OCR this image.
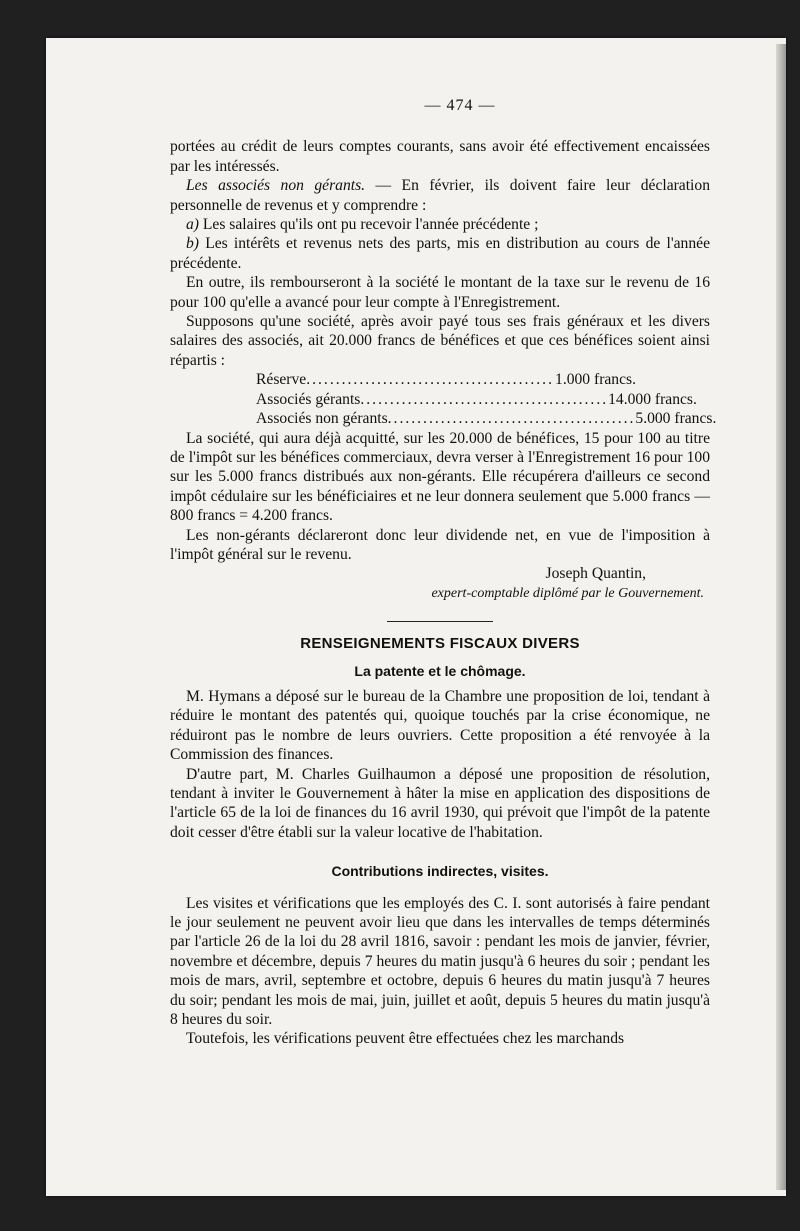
— 474 —

portées au crédit de leurs comptes courants, sans avoir été effectivement encaissées par les intéressés.

Les associés non gérants. — En février, ils doivent faire leur déclaration personnelle de revenus et y comprendre :

a) Les salaires qu'ils ont pu recevoir l'année précédente ;

b) Les intérêts et revenus nets des parts, mis en distribution au cours de l'année précédente.

En outre, ils rembourseront à la société le montant de la taxe sur le revenu de 16 pour 100 qu'elle a avancé pour leur compte à l'Enregistrement.

Supposons qu'une société, après avoir payé tous ses frais généraux et les divers salaires des associés, ait 20.000 francs de bénéfices et que ces bénéfices soient ainsi répartis :

Réserve .......................................... 1.000 francs.
Associés gérants .......................................... 14.000 francs.
Associés non gérants .......................................... 5.000 francs.

La société, qui aura déjà acquitté, sur les 20.000 de bénéfices, 15 pour 100 au titre de l'impôt sur les bénéfices commerciaux, devra verser à l'Enregistrement 16 pour 100 sur les 5.000 francs distribués aux non-gérants. Elle récupérera d'ailleurs ce second impôt cédulaire sur les bénéficiaires et ne leur donnera seulement que 5.000 francs — 800 francs = 4.200 francs.

Les non-gérants déclareront donc leur dividende net, en vue de l'imposition à l'impôt général sur le revenu.

Joseph Quantin,
expert-comptable diplômé par le Gouvernement.
RENSEIGNEMENTS FISCAUX DIVERS
La patente et le chômage.

M. Hymans a déposé sur le bureau de la Chambre une proposition de loi, tendant à réduire le montant des patentés qui, quoique touchés par la crise économique, ne réduiront pas le nombre de leurs ouvriers. Cette proposition a été renvoyée à la Commission des finances.

D'autre part, M. Charles Guilhaumon a déposé une proposition de résolution, tendant à inviter le Gouvernement à hâter la mise en application des dispositions de l'article 65 de la loi de finances du 16 avril 1930, qui prévoit que l'impôt de la patente doit cesser d'être établi sur la valeur locative de l'habitation.

Contributions indirectes, visites.

Les visites et vérifications que les employés des C. I. sont autorisés à faire pendant le jour seulement ne peuvent avoir lieu que dans les intervalles de temps déterminés par l'article 26 de la loi du 28 avril 1816, savoir : pendant les mois de janvier, février, novembre et décembre, depuis 7 heures du matin jusqu'à 6 heures du soir ; pendant les mois de mars, avril, septembre et octobre, depuis 6 heures du matin jusqu'à 7 heures du soir; pendant les mois de mai, juin, juillet et août, depuis 5 heures du matin jusqu'à 8 heures du soir.

Toutefois, les vérifications peuvent être effectuées chez les marchands
